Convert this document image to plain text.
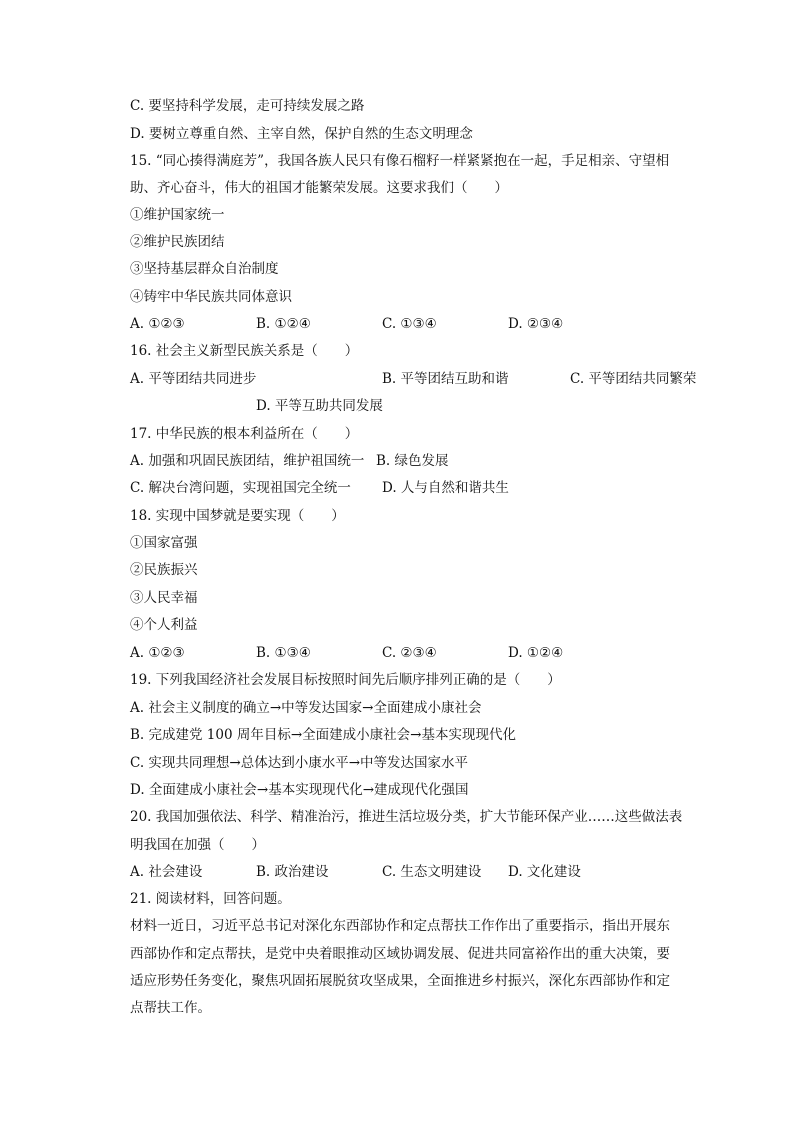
C. 要坚持科学发展，走可持续发展之路
D. 要树立尊重自然、主宰自然，保护自然的生态文明理念
15. “同心揍得满庭芳”，我国各族人民只有像石榴籽一样紧紧抱在一起，手足相亲、守望相
助、齐心奋斗，伟大的祖国才能繁荣发展。这要求我们（　　）
①维护国家统一
②维护民族团结
③坚持基层群众自治制度
④铸牢中华民族共同体意识
A. ①②③	B. ①②④	C. ①③④	D. ②③④
16. 社会主义新型民族关系是（　　）
A. 平等团结共同进步	B. 平等团结互助和谐	C. 平等团结共同繁荣
D. 平等互助共同发展
17. 中华民族的根本利益所在（　　）
A. 加强和巩固民族团结，维护祖国统一 B. 绿色发展
C. 解决台湾问题，实现祖国完全统一 D. 人与自然和谐共生
18. 实现中国梦就是要实现（　　）
①国家富强
②民族振兴
③人民幸福
④个人利益
A. ①②③	B. ①③④	C. ②③④	D. ①②④
19. 下列我国经济社会发展目标按照时间先后顺序排列正确的是（　　）
A. 社会主义制度的确立→中等发达国家→全面建成小康社会
B. 完成建党 100 周年目标→全面建成小康社会→基本实现现代化
C. 实现共同理想→总体达到小康水平→中等发达国家水平
D. 全面建成小康社会→基本实现现代化→建成现代化强国
20. 我国加强依法、科学、精准治污，推进生活垃圾分类，扩大节能环保产业……这些做法表
明我国在加强（　　）
A. 社会建设	B. 政治建设	C. 生态文明建设 D. 文化建设
21. 阅读材料，回答问题。
材料一近日，习近平总书记对深化东西部协作和定点帮扶工作作出了重要指示，指出开展东
西部协作和定点帮扶，是党中央着眼推动区域协调发展、促进共同富裕作出的重大决策，要
适应形势任务变化，聚焦巩固拓展脱贫攻坚成果，全面推进乡村振兴，深化东西部协作和定
点帮扶工作。
